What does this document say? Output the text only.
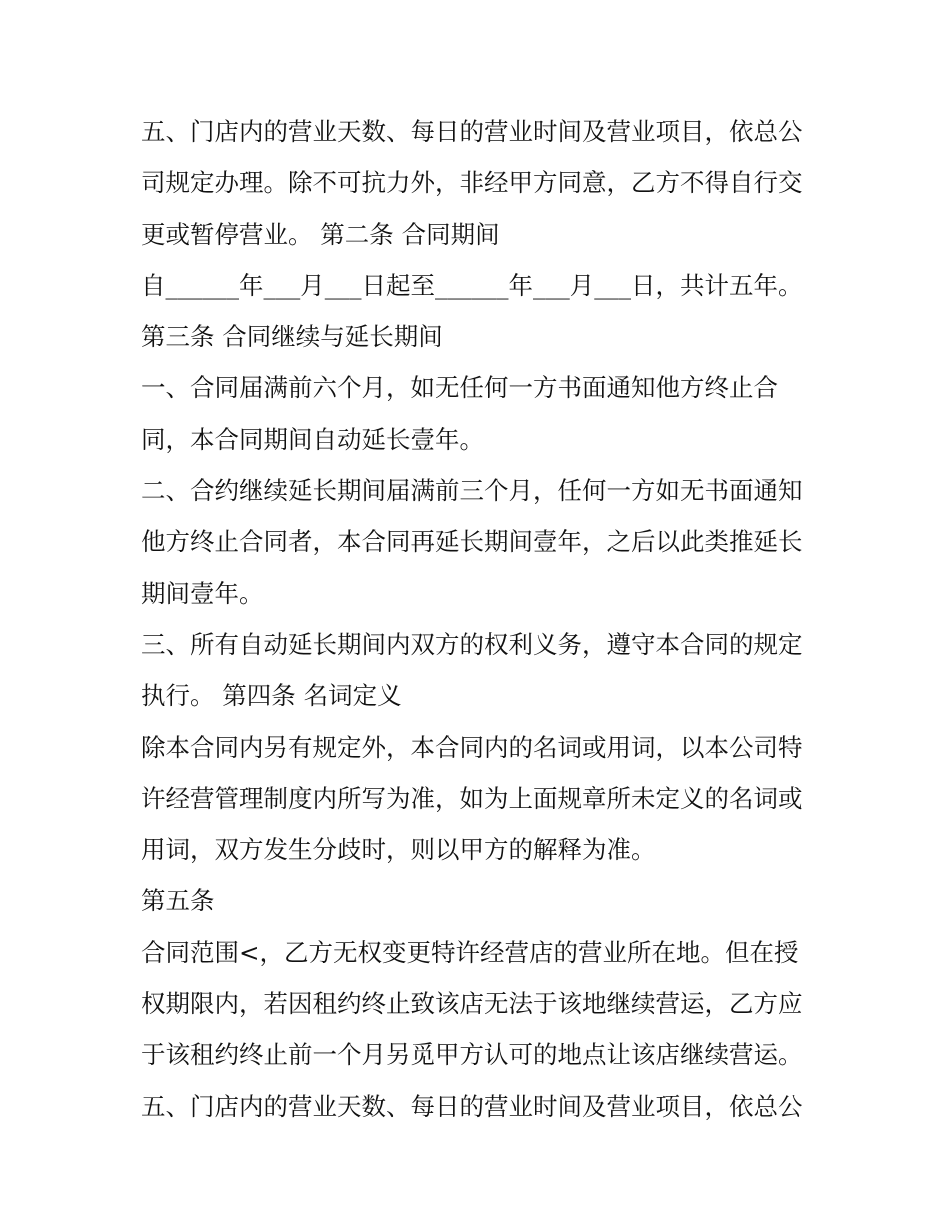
五、门店内的营业天数、每日的营业时间及营业项目，依总公
司规定办理。除不可抗力外，非经甲方同意，乙方不得自行交
更或暂停营业。 第二条 合同期间
自______年___月___日起至______年___月___日，共计五年。
第三条 合同继续与延长期间
一、合同届满前六个月，如无任何一方书面通知他方终止合
同，本合同期间自动延长壹年。
二、合约继续延长期间届满前三个月，任何一方如无书面通知
他方终止合同者，本合同再延长期间壹年，之后以此类推延长
期间壹年。
三、所有自动延长期间内双方的权利义务，遵守本合同的规定
执行。 第四条 名词定义
除本合同内另有规定外，本合同内的名词或用词，以本公司特
许经营管理制度内所写为准，如为上面规章所未定义的名词或
用词，双方发生分歧时，则以甲方的解释为准。
第五条
合同范围<，乙方无权变更特许经营店的营业所在地。但在授
权期限内，若因租约终止致该店无法于该地继续营运，乙方应
于该租约终止前一个月另觅甲方认可的地点让该店继续营运。
五、门店内的营业天数、每日的营业时间及营业项目，依总公
